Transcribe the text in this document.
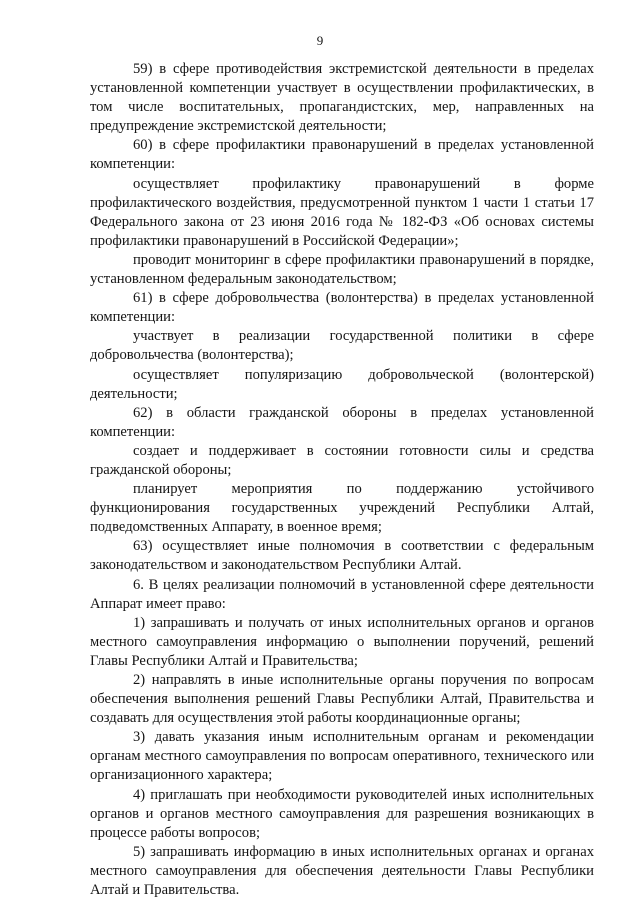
9

59) в сфере противодействия экстремистской деятельности в пределах установленной компетенции участвует в осуществлении профилактических, в том числе воспитательных, пропагандистских, мер, направленных на предупреждение экстремистской деятельности;

60) в сфере профилактики правонарушений в пределах установленной компетенции:

осуществляет профилактику правонарушений в форме профилактического воздействия, предусмотренной пунктом 1 части 1 статьи 17 Федерального закона от 23 июня 2016 года № 182-ФЗ «Об основах системы профилактики правонарушений в Российской Федерации»;

проводит мониторинг в сфере профилактики правонарушений в порядке, установленном федеральным законодательством;

61) в сфере добровольчества (волонтерства) в пределах установленной компетенции:

участвует в реализации государственной политики в сфере добровольчества (волонтерства);

осуществляет популяризацию добровольческой (волонтерской) деятельности;

62) в области гражданской обороны в пределах установленной компетенции:

создает и поддерживает в состоянии готовности силы и средства гражданской обороны;

планирует мероприятия по поддержанию устойчивого функционирования государственных учреждений Республики Алтай, подведомственных Аппарату, в военное время;

63) осуществляет иные полномочия в соответствии с федеральным законодательством и законодательством Республики Алтай.

6. В целях реализации полномочий в установленной сфере деятельности Аппарат имеет право:

1) запрашивать и получать от иных исполнительных органов и органов местного самоуправления информацию о выполнении поручений, решений Главы Республики Алтай и Правительства;

2) направлять в иные исполнительные органы поручения по вопросам обеспечения выполнения решений Главы Республики Алтай, Правительства и создавать для осуществления этой работы координационные органы;

3) давать указания иным исполнительным органам и рекомендации органам местного самоуправления по вопросам оперативного, технического или организационного характера;

4) приглашать при необходимости руководителей иных исполнительных органов и органов местного самоуправления для разрешения возникающих в процессе работы вопросов;

5) запрашивать информацию в иных исполнительных органах и органах местного самоуправления для обеспечения деятельности Главы Республики Алтай и Правительства.
